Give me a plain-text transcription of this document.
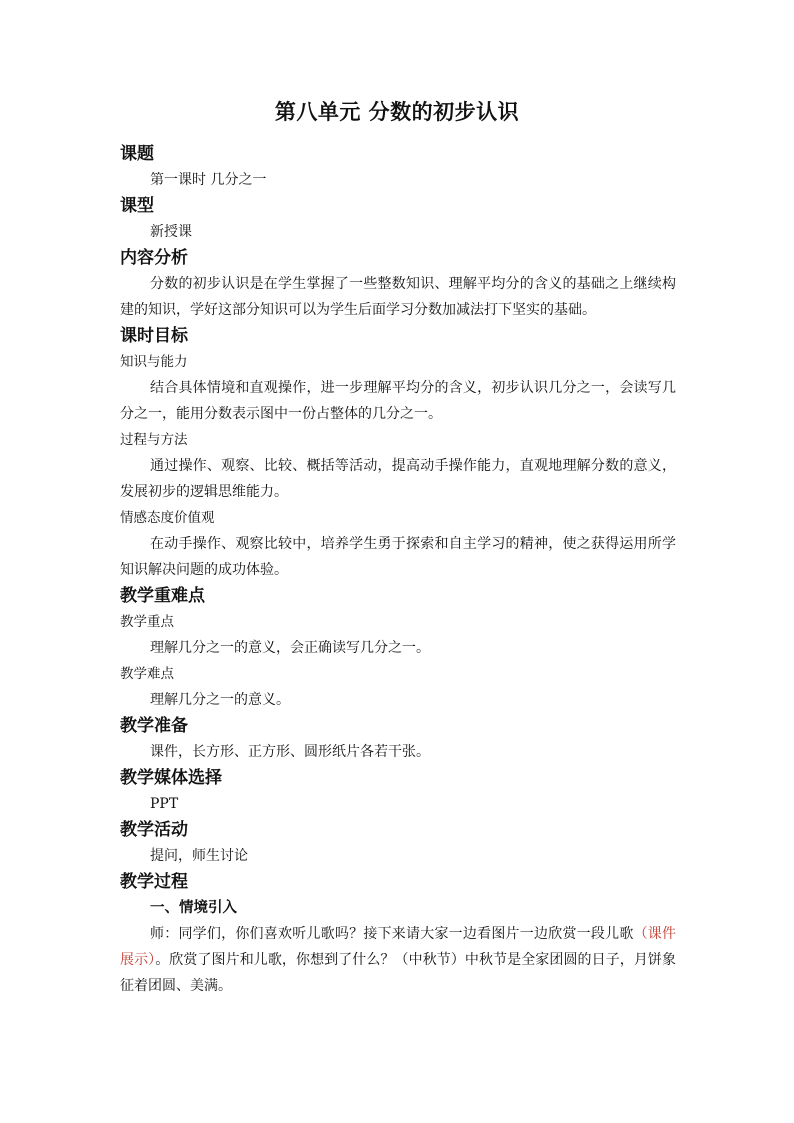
第八单元 分数的初步认识

课题

第一课时 几分之一

课型

新授课

内容分析

分数的初步认识是在学生掌握了一些整数知识、理解平均分的含义的基础之上继续构建的知识，学好这部分知识可以为学生后面学习分数加减法打下坚实的基础。

课时目标

知识与能力

结合具体情境和直观操作，进一步理解平均分的含义，初步认识几分之一，会读写几分之一，能用分数表示图中一份占整体的几分之一。

过程与方法

通过操作、观察、比较、概括等活动，提高动手操作能力，直观地理解分数的意义，发展初步的逻辑思维能力。

情感态度价值观

在动手操作、观察比较中，培养学生勇于探索和自主学习的精神，使之获得运用所学知识解决问题的成功体验。

教学重难点

教学重点

理解几分之一的意义，会正确读写几分之一。

教学难点

理解几分之一的意义。

教学准备

课件，长方形、正方形、圆形纸片各若干张。

教学媒体选择

PPT

教学活动

提问，师生讨论

教学过程

一、情境引入

师：同学们，你们喜欢听儿歌吗？接下来请大家一边看图片一边欣赏一段儿歌（课件展示）。欣赏了图片和儿歌，你想到了什么？（中秋节）中秋节是全家团圆的日子，月饼象征着团圆、美满。
